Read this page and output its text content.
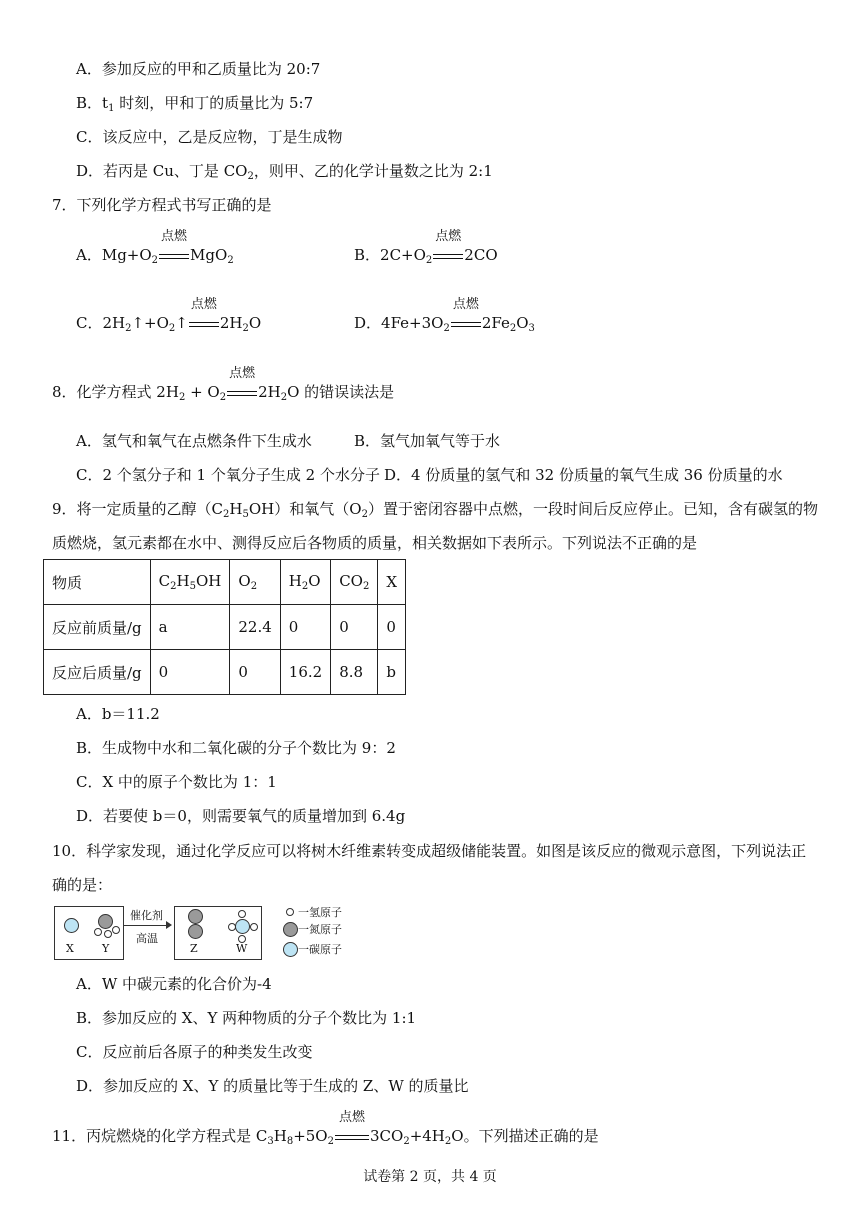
A．参加反应的甲和乙质量比为 20:7
B．$t_1$ 时刻，甲和丁的质量比为 5:7
C．该反应中，乙是反应物，丁是生成物
D．若丙是 Cu、丁是 $CO_2$，则甲、乙的化学计量数之比为 2:1
7．下列化学方程式书写正确的是
A．$Mg+O_2$
点燃
MgO$_2$	B．$2C+O_2$
点燃
2CO
C．$2H_2↑+O_2↑$
点燃
$2H_2O$	D．$4Fe+3O_2$
点燃
$2Fe_2O_3$
8．化学方程式 $2H_2 + O_2$
点燃
$2H_2O$ 的错误读法是
A．氢气和氧气在点燃条件下生成水	B．氢气加氧气等于水
C．2 个氢分子和 1 个氧分子生成 2 个水分子 D．4 份质量的氢气和 32 份质量的氧气生成 36 份质量的水
9．将一定质量的乙醇$(C_2H_5OH)$和氧气$(O_2)$置于密闭容器中点燃，一段时间后反应停止。已知，含有碳氢的物
质燃烧，氢元素都在水中、测得反应后各物质的质量，相关数据如下表所示。下列说法不正确的是
物质	$C_2H_5OH$	$O_2$	$H_2O$	$CO_2$	X
反应前质量/g	a	22.4	0	0	0
反应后质量/g	0	0	16.2	8.8	b
A．b＝11.2
B．生成物中水和二氧化碳的分子个数比为 9：2
C．X 中的原子个数比为 1：1
D．若要使 b＝0，则需要氧气的质量增加到 6.4g
10．科学家发现，通过化学反应可以将树木纤维素转变成超级储能装置。如图是该反应的微观示意图，下列说法正
确的是：
X	Y
催化剂
高温
Z	W
一氢原子
一氮原子
一碳原子
A．W 中碳元素的化合价为-4
B．参加反应的 X、Y 两种物质的分子个数比为 1:1
C．反应前后各原子的种类发生改变
D．参加反应的 X、Y 的质量比等于生成的 Z、W 的质量比
11．丙烷燃烧的化学方程式是 $C_3H_8+5O_2$
点燃
$3CO_2+4H_2O$。下列描述正确的是
试卷第 2 页，共 4 页
